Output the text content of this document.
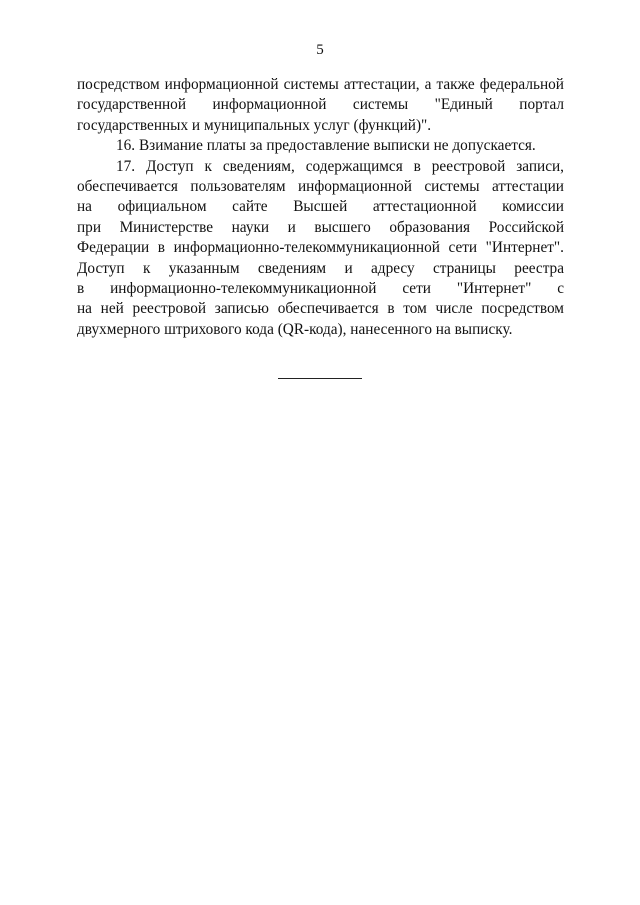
5
посредством информационной системы аттестации, а также федеральной
государственной информационной системы "Единый портал
государственных и муниципальных услуг (функций)".
16. Взимание платы за предоставление выписки не допускается.
17. Доступ к сведениям, содержащимся в реестровой записи,
обеспечивается пользователям информационной системы аттестации
на официальном сайте Высшей аттестационной комиссии
при Министерстве науки и высшего образования Российской
Федерации в информационно-телекоммуникационной сети "Интернет".
Доступ к указанным сведениям и адресу страницы реестра
в информационно-телекоммуникационной сети "Интернет" с
на ней реестровой записью обеспечивается в том числе посредством
двухмерного штрихового кода (QR-кода), нанесенного на выписку.
